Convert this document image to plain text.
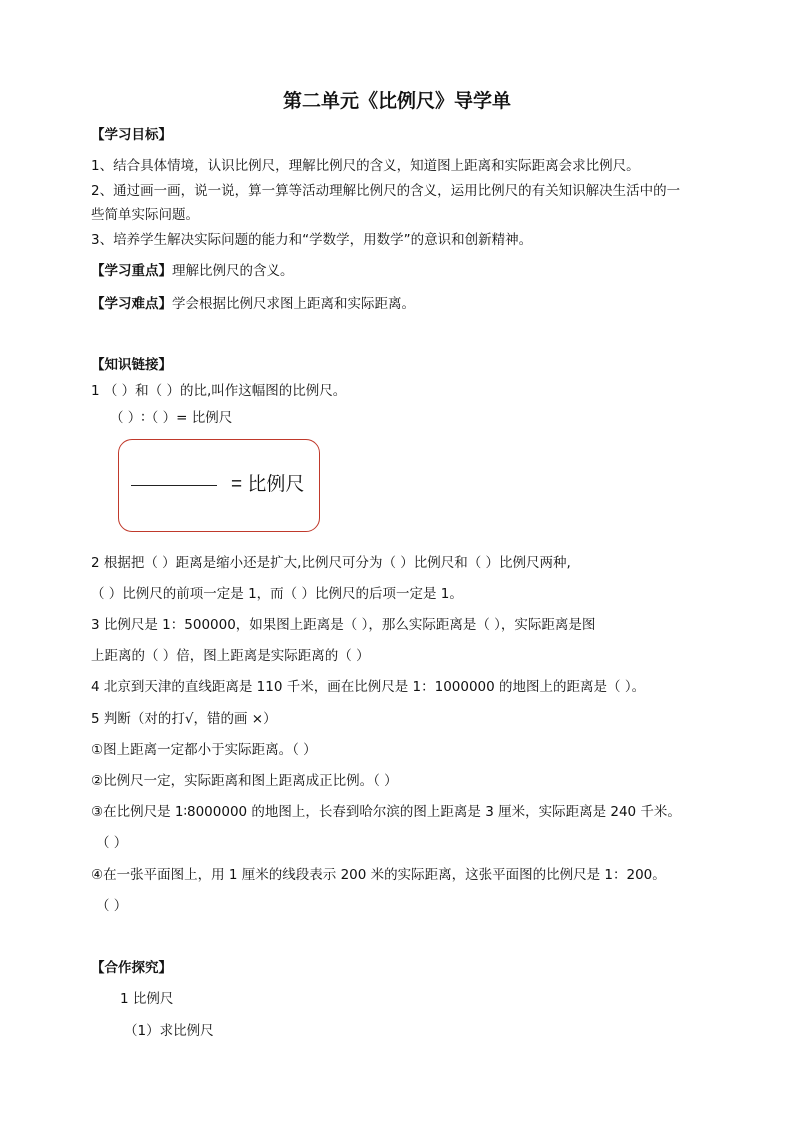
第二单元《比例尺》导学单
【学习目标】
1、结合具体情境，认识比例尺，理解比例尺的含义，知道图上距离和实际距离会求比例尺。
2、通过画一画，说一说，算一算等活动理解比例尺的含义，运用比例尺的有关知识解决生活中的一
些简单实际问题。
3、培养学生解决实际问题的能力和“学数学，用数学”的意识和创新精神。
【学习重点】理解比例尺的含义。
【学习难点】学会根据比例尺求图上距离和实际距离。
【知识链接】
1 （ ）和（ ）的比,叫作这幅图的比例尺。
（ ）∶（ ）= 比例尺
= 比例尺
2 根据把（ ）距离是缩小还是扩大,比例尺可分为（ ）比例尺和（ ）比例尺两种,
（ ）比例尺的前项一定是 1，而（ ）比例尺的后项一定是 1。
3 比例尺是 1：500000，如果图上距离是（ ），那么实际距离是（ ），实际距离是图
上距离的（ ）倍，图上距离是实际距离的（ ）
4 北京到天津的直线距离是 110 千米，画在比例尺是 1：1000000 的地图上的距离是（ ）。
5 判断（对的打√，错的画 ×）
①图上距离一定都小于实际距离。（ ）
②比例尺一定，实际距离和图上距离成正比例。（ ）
③在比例尺是 1∶8000000 的地图上，长春到哈尔滨的图上距离是 3 厘米，实际距离是 240 千米。
（ ）
④在一张平面图上，用 1 厘米的线段表示 200 米的实际距离，这张平面图的比例尺是 1：200。
（ ）
【合作探究】
1 比例尺
（1）求比例尺
